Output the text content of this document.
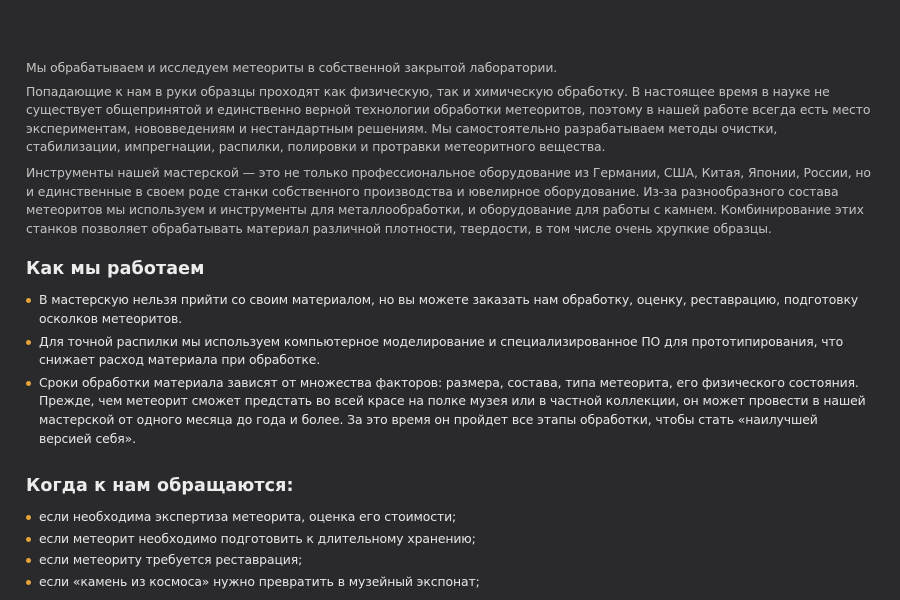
Мы обрабатываем и исследуем метеориты в собственной закрытой лаборатории.

Попадающие к нам в руки образцы проходят как физическую, так и химическую обработку. В настоящее время в науке не существует общепринятой и единственно верной технологии обработки метеоритов, поэтому в нашей работе всегда есть место экспериментам, нововведениям и нестандартным решениям. Мы самостоятельно разрабатываем методы очистки, стабилизации, импрегнации, распилки, полировки и протравки метеоритного вещества.

Инструменты нашей мастерской — это не только профессиональное оборудование из Германии, США, Китая, Японии, России, но и единственные в своем роде станки собственного производства и ювелирное оборудование. Из-за разнообразного состава метеоритов мы используем и инструменты для металлообработки, и оборудование для работы с камнем. Комбинирование этих станков позволяет обрабатывать материал различной плотности, твердости, в том числе очень хрупкие образцы.

Как мы работаем
В мастерскую нельзя прийти со своим материалом, но вы можете заказать нам обработку, оценку, реставрацию, подготовку осколков метеоритов.
Для точной распилки мы используем компьютерное моделирование и специализированное ПО для прототипирования, что снижает расход материала при обработке.
Сроки обработки материала зависят от множества факторов: размера, состава, типа метеорита, его физического состояния. Прежде, чем метеорит сможет предстать во всей красе на полке музея или в частной коллекции, он может провести в нашей мастерской от одного месяца до года и более. За это время он пройдет все этапы обработки, чтобы стать «наилучшей версией себя».
Когда к нам обращаются:
если необходима экспертиза метеорита, оценка его стоимости;
если метеорит необходимо подготовить к длительному хранению;
если метеориту требуется реставрация;
если «камень из космоса» нужно превратить в музейный экспонат;
